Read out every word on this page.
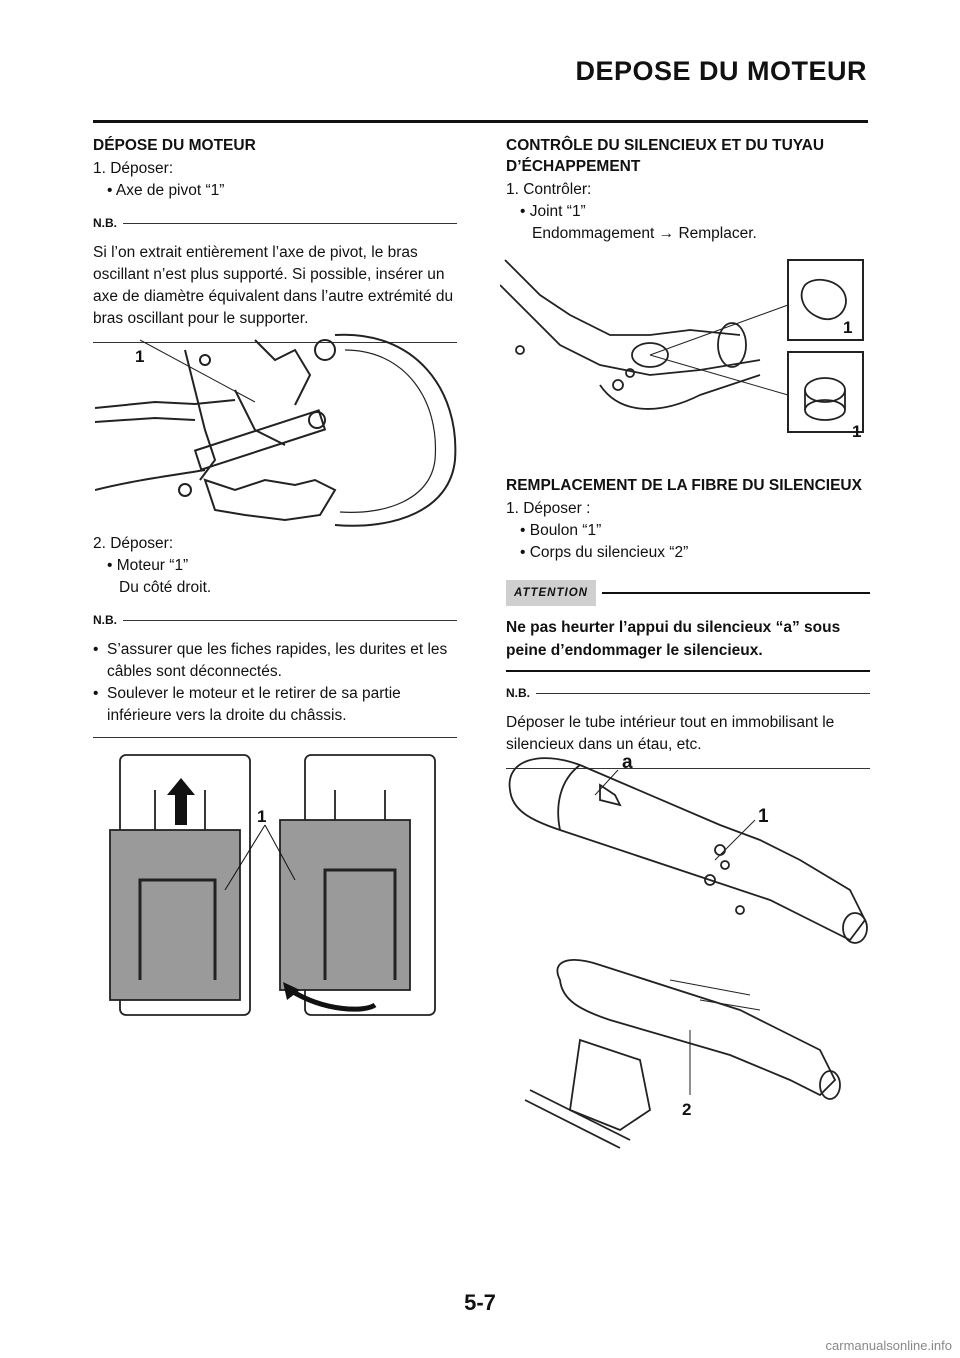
DEPOSE DU MOTEUR
DÉPOSE DU MOTEUR

1. Déposer:

• Axe de pivot “1”

N.B.

Si l’on extrait entièrement l’axe de pivot, le bras oscillant n’est plus supporté. Si possible, insérer un axe de diamètre équivalent dans l’autre extrémité du bras oscillant pour le supporter.

1

2. Déposer:

• Moteur “1”

Du côté droit.

N.B.
• S’assurer que les fiches rapides, les durites et les câbles sont déconnectés.
• Soulever le moteur et le retirer de sa partie inférieure vers la droite du châssis.
1
CONTRÔLE DU SILENCIEUX ET DU TUYAU D’ÉCHAPPEMENT

1. Contrôler:

• Joint “1”

Endommagement → Remplacer.

1
1
REMPLACEMENT DE LA FIBRE DU SILENCIEUX

1. Déposer :

• Boulon “1”

• Corps du silencieux “2”

ATTENTION

Ne pas heurter l’appui du silencieux “a” sous peine d’endommager le silencieux.

N.B.

Déposer le tube intérieur tout en immobilisant le silencieux dans un étau, etc.

a
1
2
5-7
carmanualsonline.info
